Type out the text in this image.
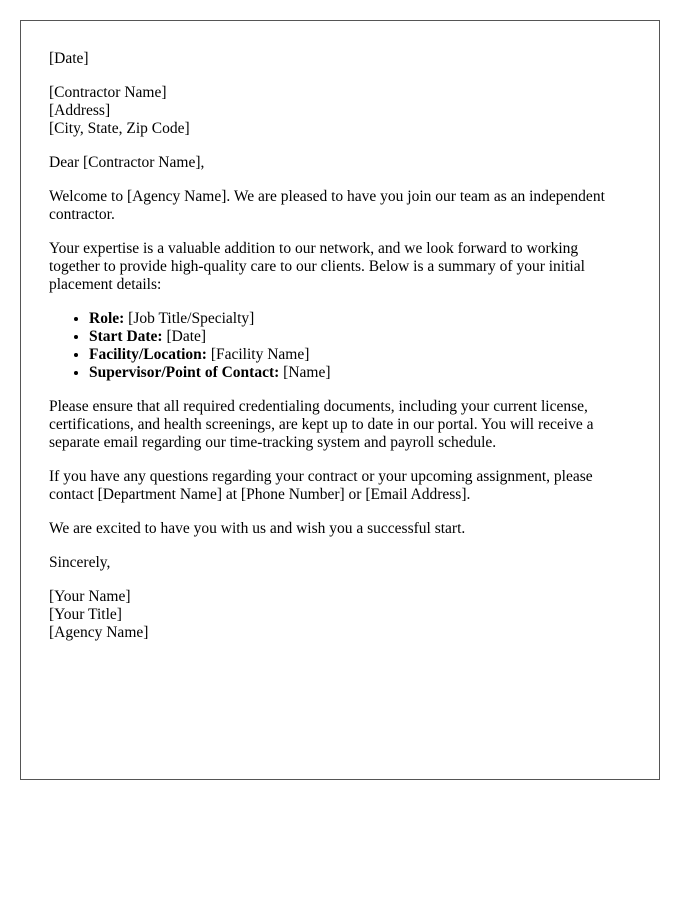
[Date]
[Contractor Name]
[Address]
[City, State, Zip Code]

Dear [Contractor Name],

Welcome to [Agency Name]. We are pleased to have you join our team as an independent contractor.

Your expertise is a valuable addition to our network, and we look forward to working together to provide high-quality care to our clients. Below is a summary of your initial placement details:

• Role: [Job Title/Specialty]
• Start Date: [Date]
• Facility/Location: [Facility Name]
• Supervisor/Point of Contact: [Name]

Please ensure that all required credentialing documents, including your current license, certifications, and health screenings, are kept up to date in our portal. You will receive a separate email regarding our time-tracking system and payroll schedule.

If you have any questions regarding your contract or your upcoming assignment, please contact [Department Name] at [Phone Number] or [Email Address].

We are excited to have you with us and wish you a successful start.

Sincerely,

[Your Name]
[Your Title]
[Agency Name]
